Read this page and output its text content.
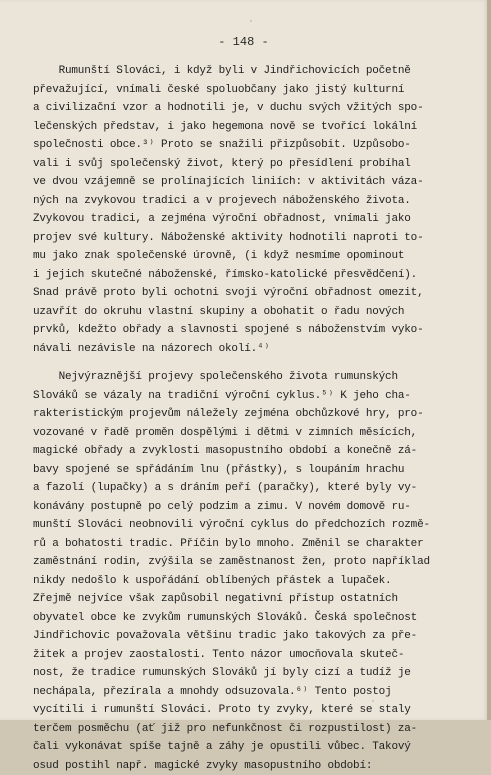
- 148 -
Rumunští Slováci, i když byli v Jindřichovicích početně
převažující, vnímali české spoluobčany jako jistý kulturní
a civilizační vzor a hodnotili je, v duchu svých vžitých spo-
lečenských představ, i jako hegemona nově se tvořící lokální
společnosti obce.³⁾ Proto se snažili přizpůsobit. Uzpůsobo-
vali i svůj společenský život, který po přesídlení probíhal
ve dvou vzájemně se prolínajících liniích: v aktivitách váza-
ných na zvykovou tradici a v projevech náboženského života.
Zvykovou tradici, a zejména výroční obřadnost, vnímali jako
projev své kultury. Náboženské aktivity hodnotili naproti to-
mu jako znak společenské úrovně, (i když nesmíme opominout
i jejich skutečné náboženské, římsko-katolické přesvědčení).
Snad právě proto byli ochotni svoji výroční obřadnost omezit,
uzavřít do okruhu vlastní skupiny a obohatit o řadu nových
prvků, kdežto obřady a slavnosti spojené s náboženstvím vyko-
návali nezávisle na názorech okolí.⁴⁾
Nejvýraznější projevy společenského života rumunských
Slováků se vázaly na tradiční výroční cyklus.⁵⁾ K jeho cha-
rakteristickým projevům náležely zejména obchůzkové hry, pro-
vozované v řadě proměn dospělými i dětmi v zimních měsících,
magické obřady a zvyklosti masopustního období a konečně zá-
bavy spojené se spřádáním lnu (přástky), s loupáním hrachu
a fazolí (lupačky) a s dráním peří (paračky), které byly vy-
konávány postupně po celý podzim a zimu. V novém domově ru-
munští Slováci neobnovili výroční cyklus do předchozích rozmě-
rů a bohatosti tradic. Příčin bylo mnoho. Změnil se charakter
zaměstnání rodin, zvýšila se zaměstnanost žen, proto například
nikdy nedošlo k uspořádání oblíbených přástek a lupaček.
Zřejmě nejvíce však zapůsobil negativní přístup ostatních
obyvatel obce ke zvykům rumunských Slováků. Česká společnost
Jindřichovic považovala většinu tradic jako takových za pře-
žitek a projev zaostalosti. Tento názor umocňovala skuteč-
nost, že tradice rumunských Slováků jí byly cizí a tudíž je
nechápala, přezírala a mnohdy odsuzovala.⁶⁾ Tento postoj
vycítili i rumunští Slováci. Proto ty zvyky, které se staly
terčem posměchu (ať již pro nefunkčnost či rozpustilost) za-
čali vykonávat spíše tajně a záhy je opustili vůbec. Takový
osud postihl např. magické zvyky masopustního období:
